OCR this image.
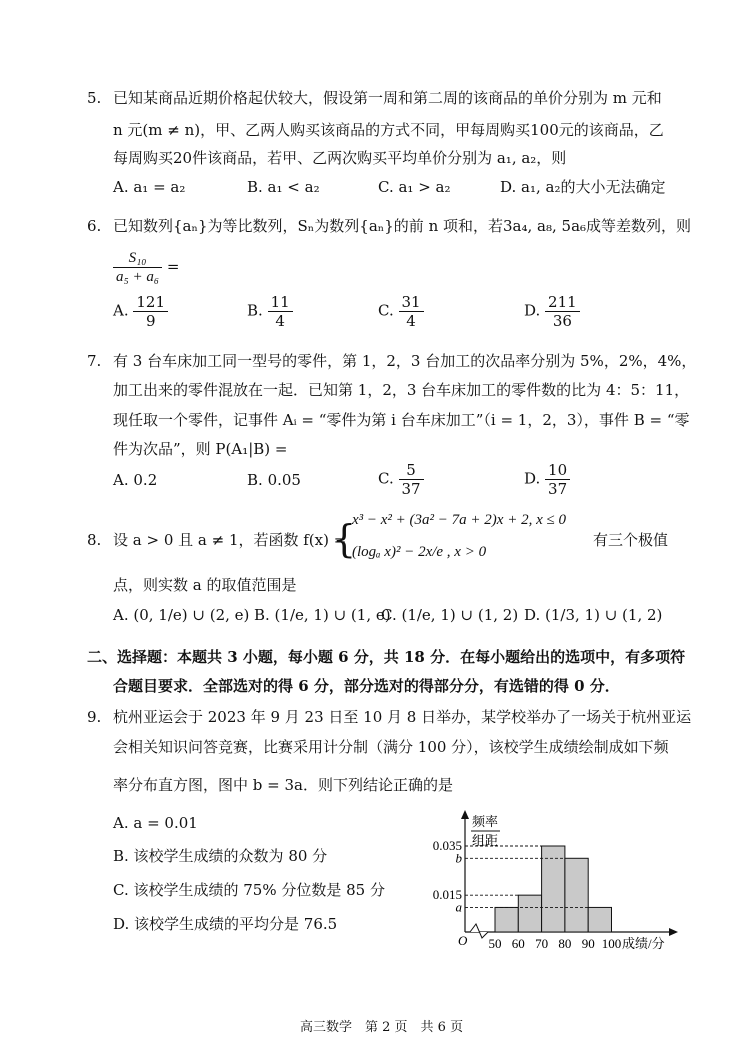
5. 已知某商品近期价格起伏较大，假设第一周和第二周的该商品的单价分别为 m 元和
n 元(m ≠ n)，甲、乙两人购买该商品的方式不同，甲每周购买100元的该商品，乙
每周购买20件该商品，若甲、乙两次购买平均单价分别为 a₁, a₂，则
A. a₁ = a₂	B. a₁ < a₂	C. a₁ > a₂	D. a₁, a₂的大小无法确定
6. 已知数列{aₙ}为等比数列，Sₙ为数列{aₙ}的前 n 项和，若3a₄, a₈, 5a₆成等差数列，则
$\frac{\text{S₁₀}}{\text{a₅ + a₆}}$ =
A. $\frac{121}{9}$	B. $\frac{11}{4}$	C. $\frac{31}{4}$	D. $\frac{211}{36}$
7. 有 3 台车床加工同一型号的零件，第 1，2，3 台加工的次品率分别为 5%，2%，4%，
加工出来的零件混放在一起．已知第 1，2，3 台车床加工的零件数的比为 4：5：11，
现任取一个零件，记事件 Aᵢ = “零件为第 i 台车床加工”（i = 1，2，3），事件 B = “零
件为次品”，则 P(A₁|B) =
A. 0.2	B. 0.05	C. $\frac{5}{37}$	D. $\frac{10}{37}$
8. 设 a > 0 且 a ≠ 1，若函数 f(x) =
{
x³ − x² + (3a² − 7a + 2)x + 2, x ≤ 0
(logₐ x)² − 2x/e , x > 0
有三个极值
点，则实数 a 的取值范围是
A. (0, 1/e) ∪ (2, e) B. (1/e, 1) ∪ (1, e)
C. (1/e, 1) ∪ (1, 2) D. (1/3, 1) ∪ (1, 2)
二、选择题：本题共 3 小题，每小题 6 分，共 18 分．在每小题给出的选项中，有多项符
合题目要求．全部选对的得 6 分，部分选对的得部分分，有选错的得 0 分．
9. 杭州亚运会于 2023 年 9 月 23 日至 10 月 8 日举办，某学校举办了一场关于杭州亚运
会相关知识问答竞赛，比赛采用计分制（满分 100 分），该校学生成绩绘制成如下频
率分布直方图，图中 b = 3a．则下列结论正确的是
A. a = 0.01
B. 该校学生成绩的众数为 80 分
C. 该校学生成绩的 75% 分位数是 85 分
D. 该校学生成绩的平均分是 76.5
频率
组距
O	成绩/分
a
0.015
b
0.035
50 60 70 80 90 100
高三数学　第 2 页　共 6 页
